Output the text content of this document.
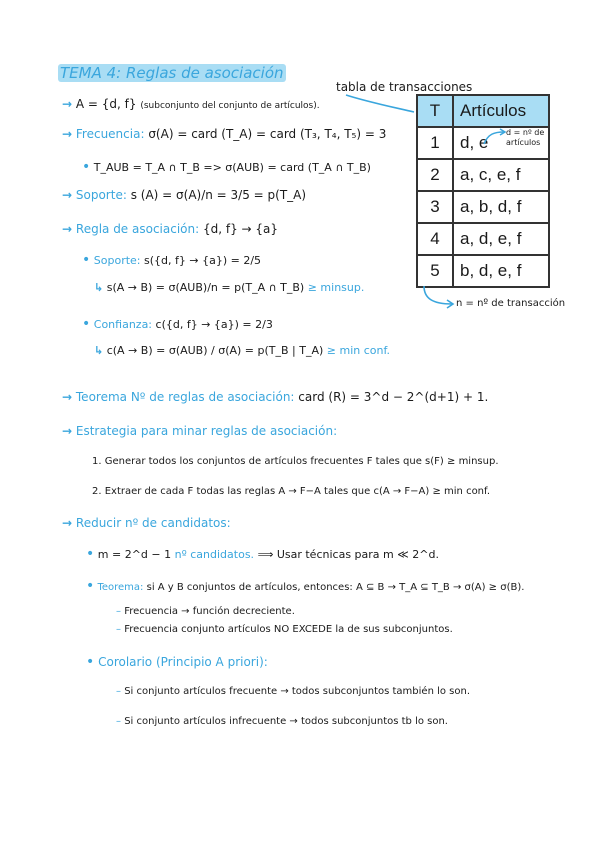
TEMA 4: Reglas de asociación
→ A = {d, f} (subconjunto del conjunto de artículos).
→ Frecuencia: σ(A) = card (T_A) = card (T₃, T₄, T₅) = 3
• T_AUB = T_A ∩ T_B => σ(AUB) = card (T_A ∩ T_B)
→ Soporte: s (A) = σ(A)/n = 3/5 = p(T_A)
→ Regla de asociación: {d, f} → {a}
• Soporte: s({d, f} → {a}) = 2/5
↳ s(A → B) = σ(AUB)/n = p(T_A ∩ T_B) ≥ minsup.
• Confianza: c({d, f} → {a}) = 2/3
↳ c(A → B) = σ(AUB) / σ(A) = p(T_B | T_A) ≥ min conf.
→ Teorema Nº de reglas de asociación: card (R) = 3^d − 2^(d+1) + 1.
→ Estrategia para minar reglas de asociación:
1. Generar todos los conjuntos de artículos frecuentes F tales que s(F) ≥ minsup.
2. Extraer de cada F todas las reglas A → F−A tales que c(A → F−A) ≥ min conf.
→ Reducir nº de candidatos:
• m = 2^d − 1 nº candidatos. ⟹ Usar técnicas para m ≪ 2^d.
• Teorema: si A y B conjuntos de artículos, entonces: A ⊆ B → T_A ⊆ T_B → σ(A) ≥ σ(B).
– Frecuencia → función decreciente.
– Frecuencia conjunto artículos NO EXCEDE la de sus subconjuntos.
• Corolario (Principio A priori):
– Si conjunto artículos frecuente → todos subconjuntos también lo son.
– Si conjunto artículos infrecuente → todos subconjuntos tb lo son.
tabla de transacciones
T	Artículos
1	d, e
2	a, c, e, f
3	a, b, d, f
4	a, d, e, f
5	b, d, e, f
d = nº de artículos
n = nº de transacción
